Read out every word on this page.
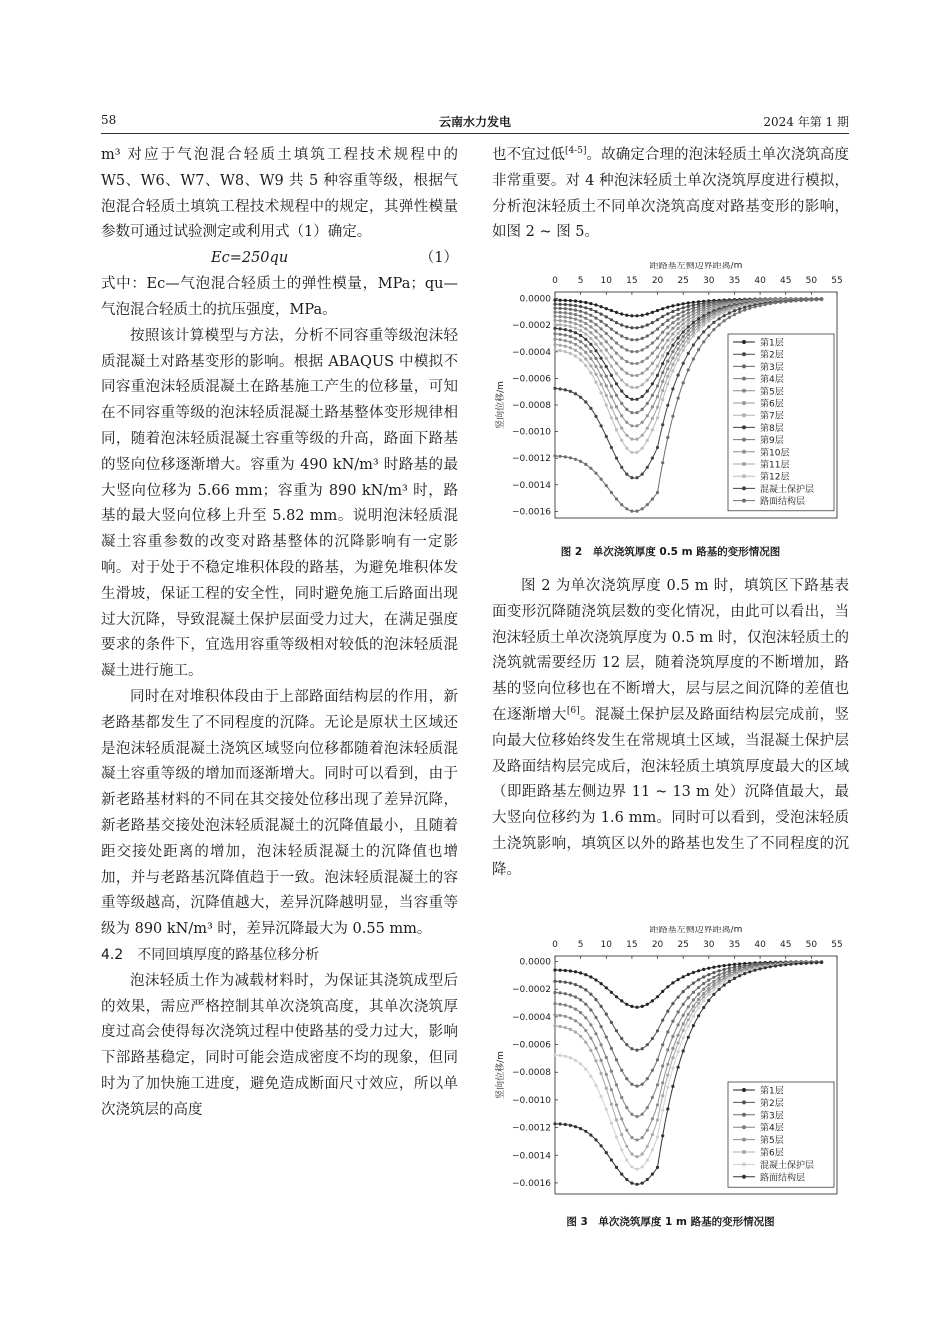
58	云南水力发电	2024 年第 1 期

m³ 对应于气泡混合轻质土填筑工程技术规程中的 W5、W6、W7、W8、W9 共 5 种容重等级，根据气泡混合轻质土填筑工程技术规程中的规定，其弹性模量参数可通过试验测定或利用式（1）确定。

Ec=250qu	（1）

式中：Ec—气泡混合轻质土的弹性模量，MPa；qu—气泡混合轻质土的抗压强度，MPa。

按照该计算模型与方法，分析不同容重等级泡沫轻质混凝土对路基变形的影响。根据 ABAQUS 中模拟不同容重泡沫轻质混凝土在路基施工产生的位移量，可知在不同容重等级的泡沫轻质混凝土路基整体变形规律相同，随着泡沫轻质混凝土容重等级的升高，路面下路基的竖向位移逐渐增大。容重为 490 kN/m³ 时路基的最大竖向位移为 5.66 mm；容重为 890 kN/m³ 时，路基的最大竖向位移上升至 5.82 mm。说明泡沫轻质混凝土容重参数的改变对路基整体的沉降影响有一定影响。对于处于不稳定堆积体段的路基，为避免堆积体发生滑坡，保证工程的安全性，同时避免施工后路面出现过大沉降，导致混凝土保护层面受力过大，在满足强度要求的条件下，宜选用容重等级相对较低的泡沫轻质混凝土进行施工。

同时在对堆积体段由于上部路面结构层的作用，新老路基都发生了不同程度的沉降。无论是原状土区域还是泡沫轻质混凝土浇筑区域竖向位移都随着泡沫轻质混凝土容重等级的增加而逐渐增大。同时可以看到，由于新老路基材料的不同在其交接处位移出现了差异沉降，新老路基交接处泡沫轻质混凝土的沉降值最小，且随着距交接处距离的增加，泡沫轻质混凝土的沉降值也增加，并与老路基沉降值趋于一致。泡沫轻质混凝土的容重等级越高，沉降值越大，差异沉降越明显，当容重等级为 890 kN/m³ 时，差异沉降最大为 0.55 mm。

4.2 不同回填厚度的路基位移分析

泡沫轻质土作为减载材料时，为保证其浇筑成型后的效果，需应严格控制其单次浇筑高度，其单次浇筑厚度过高会使得每次浇筑过程中使路基的受力过大，影响下部路基稳定，同时可能会造成密度不均的现象，但同时为了加快施工进度，避免造成断面尺寸效应，所以单次浇筑层的高度

也不宜过低[4-5]。故确定合理的泡沫轻质土单次浇筑高度非常重要。对 4 种泡沫轻质土单次浇筑厚度进行模拟，分析泡沫轻质土不同单次浇筑高度对路基变形的影响，如图 2 ~ 图 5。

距路基左侧边界距离/m
0 5 10 15 20 25 30 35 40 45 50 55
0.0000
−0.0002
−0.0004
−0.0006
−0.0008
−0.0010
−0.0012
−0.0014
−0.0016
竖向位移/m
第1层
第2层
第3层
第4层
第5层
第6层
第7层
第8层
第9层
第10层
第11层
第12层
混凝土保护层
路面结构层
图 2　单次浇筑厚度 0.5 m 路基的变形情况图

图 2 为单次浇筑厚度 0.5 m 时，填筑区下路基表面变形沉降随浇筑层数的变化情况，由此可以看出，当泡沫轻质土单次浇筑厚度为 0.5 m 时，仅泡沫轻质土的浇筑就需要经历 12 层，随着浇筑厚度的不断增加，路基的竖向位移也在不断增大，层与层之间沉降的差值也在逐渐增大[6]。混凝土保护层及路面结构层完成前，竖向最大位移始终发生在常规填土区域，当混凝土保护层及路面结构层完成后，泡沫轻质土填筑厚度最大的区域（即距路基左侧边界 11 ~ 13 m 处）沉降值最大，最大竖向位移约为 1.6 mm。同时可以看到，受泡沫轻质土浇筑影响，填筑区以外的路基也发生了不同程度的沉降。

距路基左侧边界距离/m
0 5 10 15 20 25 30 35 40 45 50 55
0.0000
−0.0002
−0.0004
−0.0006
−0.0008
−0.0010
−0.0012
−0.0014
−0.0016
竖向位移/m	第1层
第2层
第3层
第4层
第5层
第6层
混凝土保护层
路面结构层
图 3　单次浇筑厚度 1 m 路基的变形情况图
